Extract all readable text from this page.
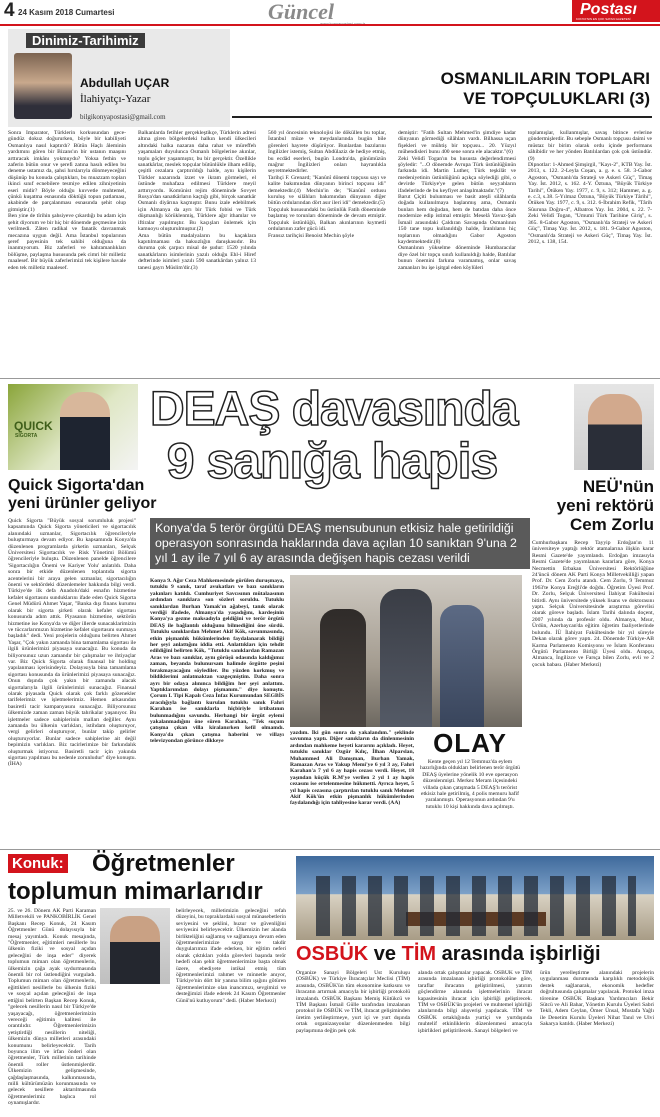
4 24 Kasım 2018 Cumartesi	Güncel	Postası
KONYA'NIN EN ÇOK SATAN GAZETESİ
Dinimiz-Tarihimiz
Abdullah UÇAR
İlahiyatçı-Yazar
bilgikonyapostasi@gmail.com
OSMANLILARIN TOPLARI
VE TOPÇULUKLARI (3)
Sonra İmparator, Türklerin korkusundan gece-gündüz dokuz doğururken, böyle bir kabiliyeti Osmanlıya nasıl kaptırdı? Bütün Haçlı âleminin yardımını gören bir Bizans'ın bir ustanın maaşını arttıracak imkânı yokmuydu? Yoksa fethin ve zaferin bütün onur ve şerefi zatına hasılı edilen bu deneme ustamız da, şahsi hırslarıyla dönmeyeceğini düşünüp bu konuda çalıştıkları, bu muazzam topları ikinci sınıf ecnebilere tesmiye edilen zihniyetinin eseri midir? Böyle olduğu kuvvetle muhtemel, çünkü kuşatma esnasında döktüğü topun patlaması, akabinde de parçalanması esnasında şehit olup gitmiştir.(1)
Ben yine de tîrihin şahsiyeve çıkardığı bu adam için şehit diyorum ve bir hiç bir dönemde geçmesine izin verilmedi. Zâten radikal ve fanatik davranmak mecazına uygun değil. Ama İstanbul topularının şeref payesinin tek sahibi olduğuna da inanmıyorum. Biz zaferleri ve kahramanlıkları bölüşme, paylaşma hususunda pek cimri bir milletiz maalesef. Bir büyük zaferlerimizi tek kişilere havale eden tek milletiz maalesef.
Balkanlarda fetihler gerçekleştikçe, Türklerin adresi altına giren bölgelerdeki halkın kendi ülkecileri altındaki halka nazaran daha rahat ve müreffeh yaşamaları duyulunca Osmanlı bölgelerine akınlar, toplu göçler yaşanmıştır, bu bir gerçektir. Özellikle sanatkârlar, meslek topçular bütünlükle ilham edilip, çeşitli cezalara çarptırıldığı halde, aynı kişilerin Türkler nazarında izzet ve ikram görmeleri, el üstünde muhafaza edilmesi Türklere meyil arttırıyordu. Komünist rejim döneminde Sovyet Rusya'dan sanatkârların kaçtığı gibi, birçok sanatkâr Osmanlı diyârına kaçmıştır. Bunu izale edebilmek için Almanya da ayrı bir Türk fobisi ve Türk düşmanlığı körüklenmiş, Türklere ağır ithamlar ve iftiralar yapılmıştır. Bu kaçışları önlemek için kamuoyu oluşturulmuştur.(2)
Ama bütün madalyaların bu kaçaklara kapıtılmaması da haksızlığın danışkasıdır. Bu duruma çok çarpıcı misal de şudur: 1520 yılında sanatkârların isimlerinin yazılı olduğu Ehl-i Hiref defterinde isimleri yazılı 590 sanatkârdan yalnız 13 tanesi gayrı Müslim'dir.(3)
560 yıl öncesinin teknolojisi ile döküllen bu toplar, İstanbul müze ve meydanlarında bugün bile görenleri hayrete düşürüyor. Bunlardan bazılarını İngilizler istemiş, Sultan Abdülaziz de hediye etmiş, bu ecdâd eserleri, bugün Londra'da, günümüzün mağrur İngilizleri onları hayranlıkla seyretmektedirler.
Tarihçi F. Grenard; "Kanûnî dönemi topçusu sayı ve kalite bakımından dünyanın birinci topçusu idi" demektedir.(4) Mechin'in de; "Kanûnî ordusu kuruluş ve silâhları bakımından dünyanın diğer bütün ordularından dört asır ileri idi" demektedir.(5)
Topçuluk hususundaki bu üstünlük Fatih döneminde başlamış ve torunları döneminde de devam etmiştir. Topçuluk üstünlüğü, Balkan akınlarının kıymetli ordularının zafer gücü idi.
Fransız tarihçisi Benoist Mechin şöyle
demiştir: "Fatih Sultan Mehmed'in şimdiye kadar dünyanın görmediği silâhları vardı. Bilhassa uçan fişekleri ve mühtiş bir topçusu... 20. Yüzyıl mühendisleri bunu 400 sene sonra ele alacaktır."(6)
Zeki Velidî Togan'ın bu hususta değerlendirmesi şöyledir: "...O dönemde Avrupa Türk üstünlüğünün farkında idi. Martin Luther, Türk teşkilât ve medeniyetinin üstünlüğünü açıkça söylediği gibi, o devirde Türkiye'ye gelen bütün seyyahların ifadelerinde de bu keyfiyet anlaşılmaktadır."(7)
Barut Çiçiti bulunması ve basit ateşli silâhlarda doğada kullanılmaya başlanmış ama, Osmanlı bunları hem doğudan, hem de batıdan daha önce modernize edip istimal etmiştir. Meselâ Yavuz-Şah İsmail arasındaki Çaldıran Savaşında Osmanlının 150 tane topu kullanıldığı halde, İranlıların hiç toplarının olmadığını Gabor Agoston kaydetmektedir.(8)
Osmanlının yükselme döneminde Humbaracılar diye özel bir topçu sınıfı kullanıldığı halde, Batılılar bunun önemini farkına varamamış, onlar savaş zamanları bu işe işitgal eden köylüleri
toplamışlar, kullanmışlar, savaş bitince evlerine göndermişlerdir. Bu sebeple Osmanlı topçusu daimi ve müstaz bir birim olarak ordu içinde performans sâhibidir ve her yönden Batılılardan çok çok üstündür.(9)
Dipnotlar: 1-Ahmed Şimşirgil, "Kayı-2", KTB Yay. İst. 2013, s. 122. 2-Leyla Coşan, a. g. e. s. 58. 3-Gabor Agoston, "Osmanlı'da Strateji ve Askeri Güç", Timaş Yay. İst. 2012, s. 162. 4-Y. Öztuna, "Büyük Türkiye Tarihi", Ötüken Yay. 1977, c. 9, s. 312; Hammer, a. g. e. c.3, s.38. 5-Yılmaz Öztuna, "Büyük Türkiye Târihi", Ötüken Yay. 1977, c. 9, s. 312. 6-İbrahim Refik, "Târih Sûuruna Doğru-4", Albatros Yay. İst. 2004, s. 22. 7-Zeki Velidî Togan, "Umumi Türk Tarihine Giriş", s. 365. 8-Gabor Agoston, "Osmanlı'da Strateji ve Askeri Güç", Timaş Yay. İst. 2012, s. 181. 9-Gabor Agoston, "Osmanlı'da Strateji ve Askeri Güç", Timaş Yay. İst. 2012, s. 138, 154.
QUICK
SİGORTA
Quick Sigorta'dan
yeni ürünler geliyor
Quick Sigorta "Büyük sosyal sorumluluk projesi" kapsamında Quick Sigorta yöneticileri ve sigortacılık alanındaki uzmanlar, Sigortacılık öğrencileriyle buluşturmaya devam ediyor. Bu kapsamında Konya'da düzenlenen programlarda şirketin uzmanları, Selçuk Üniversitesi Sigortacılık ve Risk Yönetimi Bölümü öğrencileriyle buluştu. Düzenlenen panelde öğrencilere 'Sigortacılığın Önemi ve Kariyer Yolu' anlatıldı. Daha sonra bir etkide düzenlenen toplantıda sigorta acentelerini bir araya gelen uzmanlar, sigortacılığın önemi ve sektördeki düzenlemeler hakkında bilgi verdi. Türkiye'de ilk defa Anadolu'daki esnafın hizmetine kefalet sigortasını sunduklarını ifade eden Quick Sigorta Genel Müdürü Ahmet Yaşar, "Banka dışı finans kurumu olarak bir sigorta şirketi olarak kefalet sigortası konusunda adım attık. Piyasanın hizmetine, sektörün hizmetine ise Konya'da ve diğer illerde sunacaklarimizin ve tüccarlarımızın hizmetine kefalet sigortasını sunmaya başladık" dedi. Yeni projelerin olduğunu belirten Ahmet Yaşar, "Çok yakın zamanda bina tamamlama sigortası ile ilgili ürünlerimizi piyasaya sunacağız. Bu konuda da biliyorsunuz uzun zamandır bir çalışmalar ve ihtiyaçlar var. Biz Quick Sigorta olarak finansal bir holding yapılanması içerisindeyiz. Dolayısıyla bina tamamlama sigortası konusunda da ürünlerimizi piyasaya sunacağız. Onun dışında çok yakın bir zamanda alacak sigortalarıyla ilgili ürünlerimizi sunacağız. Finansal olarak piyasada Quick olarak çok farklı gözenekler tarifelerimiz ve işletmelerimiz. Hemen arkasından basiretli tacir kampanyasını sunacağız. Biliyorsunuz ülkemizde zaman zaman büyük tahrikalar yaşanıyor. Bu işletmeler sadece sahiplerinin malları değiller. Aynı zamanda bu ülkenin varlıkları, istihdam oluşturuyor, vergi gelirleri oluşturuyor, bunlar takip gelirler oluşturuyorlar. Bunlar sadece sahiplerine ait değil bepimizin varlıkları. Biz tacirlerimize bir farkındalık oluşturmak istiyoruz. Basiretli tacir için yakında sigortası yapılması bu nedenle zorunludur" diye konuştu. (İHA)
DEAŞ davasında
9 sanığa hapis
Konya'da 5 terör örgütü DEAŞ mensubunun etkisiz hale getirildiği operasyon sonrasında haklarında dava açılan 10 sanıktan 9'una 2 yıl 1 ay ile 7 yıl 6 ay arasında değişen hapis cezası verildi
Konya 9. Ağır Ceza Mahkemesinde görülen duruşmaya, tutuklu 9 sanık, taraf avukatları ve bazı sanıkların yakınları katıldı. Cumhuriyet Savcısının mütalaasının ardından sanıklara son sözleri soruldu. Tutuklu sanıklardan Burhan Yamak'ın ağabeyi, tanık olarak verdiği ifadede, Almanya'da yaşadığını, kardeşinin Konya'ya gezme maksadıyla geldiğini ve terör örgütü DEAŞ ile bağlantılı olduğunu bilmediğini öne sürdü. Tutuklu sanıklardan Mehmet Akif Kök, savunmasında, etkin pişmanlık hükümlerinden faydalanarak bildiği her şeyi anlattığını iddia etti. Anlattıkları için tehdit edildiğini belirten Kök, "Tutuklu sanıklardan Ramazan Aras ve bazı sanıklar, aynı görüşü odasında kaldığımız zaman, beyanda bulunursam halimde örgütte peşini bırakmayacağını söylediler. Bu yüzden korkmuş ve bildiklerimi anlatmaktan vazgeçmiştim. Daha sonra ayrı bir odaya alınınca bildiğim her şeyi anlattım. Yaptıklarımdan dolayı pişmanım." diye konuştu. Çorum L Tipi Kapalı Ceza İnfaz Kurumundan SEGBİS aracılığıyla bağlantı kurulan tutuklu sanık Fahri Karahan ise sanıklarla hiçbiriyle irtibatının bulunmadığını savundu. Herhangi bir örgüt eylemi yakalanmadığını öne süren Karahan, "Tek suçum çatışma çıkan villa kiralanırken kefil olmamdı. Konya'da çıkan çatışma haberini ve villayı televizyondan görünce dikkeye
yazdım. İki gün sonra da yakalandım." şeklinde savunma yaptı. Diğer sanıkların da dinlenmesinin ardından mahkeme heyeti kararını açıkladı. Heyet, tutuklu sanıklar Ozgür Kılıç, İlhan Alparslan, Muhammed Ali Danışman, Burhan Yamak, Ramazan Aras ve Yakup Memi'ye 6 yıl 3 ay, Fahri Karahan'a 7 yıl 6 ay hapis cezası verdi. Heyet, 18 yaşından küçük R.M'ye verilen 2 yıl 1 ay hapis cezasını ise ertelenmesine hükmetti. Ayrıca heyet, 5 yıl hapis cezasına çarptırılan tutuklu sanık Mehmet Akif Kök'ün etkin pişmanlık hükümlerinden faydalandığı için tahliyesine karar verdi. (AA)
OLAY
Kente geçen yıl 12 Temmuz'da eylem hazırlığında oldukları belirlenen terör örgütü DEAŞ üyelerine yönelik 10 eve operasyon düzenlenmişti. Merkez Meram ilçesindeki villada çıkan çatışmada 5 DEAŞ'lı terörist etkisiz hale getirilmiş, 4 polis memuru hafif yaralanmıştı. Operasyonun ardından 9'u tutuklu 10 kişi hakkında dava açılmıştı.
NEÜ'nün
yeni rektörü
Cem Zorlu
Cumhurbaşkanı Recep Tayyip Erdoğan'ın 11 üniversiteye yaptığı rektör atamalarına ilişkin karar Resmi Gazete'de yayımlandı. Erdoğan imzasıyla Resmi Gazete'de yayımlanan kararlara göre, Konya Necmettin Erbakan Üniversitesi Rektörlüğüne 24'üncü dönem AK Parti Konya Milletvekilliği yapan Prof. Dr. Cem Zorlu atandı. Cem Zorlu, 9 Temmuz 1963'te Konya Ereğli'de doğdu. Öğretim Üyesi Prof. Dr. Zorlu, Selçuk Üniversitesi İlahiyat Fakültesini bitirdi. Aynı üniversitede yüksek lisans ve doktorasını yaptı. Selçuk Üniversitesinde araştırma görevlisi olarak göreve başladı. İslam Tarihi dalında doçent, 2007 yılında da profesör oldu. Almanya, Mısır, Ürdün, Azerbaycan'da eğitim öğretim faaliyetlerinde bulundu. İÜ İlahiyat Fakültesinde bir yıl süreyle Dekan olarak görev yaptı. 24. Dönemde Türkiye-AB Karma Parlamento Komisyonu ve İslam Konferansı Örgütü Parlamento Birliği Üyesi oldu. Arapça, Almanca, İngilizce ve Farsça bilen Zorlu, evli ve 2 çocuk babası. (Haber Merkezi)
Konuk: Öğretmenler
toplumun mimarlarıdır
25. ve 26. Dönem AK Parti Karaman Milletvekili ve PANKOBİRLİK Genel Başkanı Recep Konuk, 24 Kasım Öğretmenler Günü dolayısıyla bir mesaj yayımladı. Konuk mesajında, "Öğretmenler, eğitimleri nesillerle bu ülkenin fiziki ve sosyal açıdan geleceğini de inşa eder" diyerek toplumun mimarı olan öğretmenlerin, ülkemizin çağa ayak uydurmasında önemli bir rol üstlendiğini vurguladı. Toplumun mimarı olan öğretmenlerin, eğittikleri nesillerle bu ülkenin fiziki ve sosyal açıdan geleceğini de inşa ettiğini belirten Başkan Recep Konuk, "gelecek nesillerin nasıl bir Türkiye'de yaşayacağı, öğretmenlerimizin vereceği eğitimin kalitesi ile orantılıdır. Öğretmenlerimizin yetiştirdiği nesillerin niteliği, ülkemizin dünya milletleri arasındaki konumunu belirleyecektir. Tarih boyunca ilim ve irfan önderi olan öğretmenler, Türk milletinin tarihinde önemli roller üstlenmişlerdir. Ülkemizin gelişmesinde, çağdaşlaşmasında, kalkınmasında, milli kültürümüzün korunmasında ve gelecek nesillere aktarılmasında öğretmenlerimiz başlıca rol oynamışlardır.
belirleyecek, milletimizin geleceğini refah düzeyini, bu topraklardaki sosyal münasebetlerin seviyesini ve şeklini, huzur ve güvenliğini seviyesini belirleyecektir. Ülkemizin her alanda birlikteliğini sağlamış ve sağlamaya devam eden öğretmenlerimizize saygı ve takdir duygularımızı ifade ederken, bir eğitim neferi olarak çıktıkları yolda görevleri başında terör hedefi olan şehit öğretmenlerimize başta olmak üzere, ebediyete intikal etmiş tüm öğretmenlerimizi rahmet ve minnetle anıyor, Türkiye'nin dört bir yanına bilim ışığını götüren öğretmenlerimize olan inancımızı, sevgimizi ve desteğimizi ifade ederek 24 Kasım Öğretmenler Günü'nü kutluyorum" dedi. (Haber Merkezi)
OSBÜK ve TİM arasında işbirliği
Organize Sanayi Bölgeleri Üst Kuruluşu (OSBÜK) ve Türkiye İhracatçılar Meclisi (TİM) arasında, OSBÜK'ün tüm ekonomine katkısını ve ihracatın artırmak amacıyla bir işbirliği protokolü imzalandı. OSBÜK Başkanı Memiş Kütükcü ve TİM Başkanı İsmail Gülle tarafından imzalanan protokol ile OSBÜK ve TİM, ihracat gelişiminden üretim yerlileştirmeye, yurt içi ve yurt dışında ortak organizasyonlar düzenlenmeden bilgi paylaşımına değin pek çok
alanda ortak çalışmalar yapacak. OSBÜK ve TİM arasında imzalanan işbirliği protokolüne göre, taraflar ihracatın geliştirilmesi, yatırım göçlendirme alanında işletmelerinin ihracat kapasitesinin ihracat için işbirliği geliştirecek. TİM ve OSBÜK'ün projeleri ve muhtemel işbirliği alanlarında bilgi alışverişi yapılacak. TİM ve OSBÜK ortaklığında yurtiçi ve yurtdışında muhtelif etkinliklerin düzenlenmesi amacıyla işbirlikleri geliştirilecek. Sanayi bölgeleri ve
ürün yerelleştirme alanındaki projelerin uygulanması durumunda karşılıklı metodolojik destek sağlanarak, ekonomik hedefler doğrultusunda çalışmalar yapılacak. Protokol imza törenine OSBÜK Başkanı Yardımcıları Bekir Sütcü ve Ali Bahar, Yönetim Kurulu Üyeleri Sabri Tekli, Adem Ceylan, Ömer Ünsal, Mustafa Yağlı ile Denetim Kurulu Üyeleri Nihat Tanıl ve Ulvi Sakarya katıldı. (Haber Merkezi)
